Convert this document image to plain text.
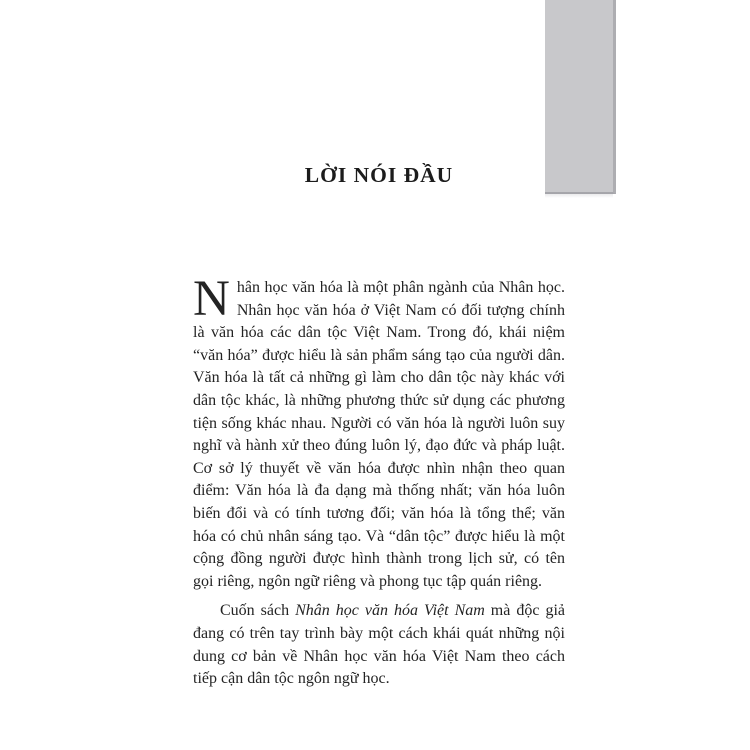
LỜI NÓI ĐẦU

Nhân học văn hóa là một phân ngành của Nhân học. Nhân học văn hóa ở Việt Nam có đối tượng chính là văn hóa các dân tộc Việt Nam. Trong đó, khái niệm “văn hóa” được hiểu là sản phẩm sáng tạo của người dân. Văn hóa là tất cả những gì làm cho dân tộc này khác với dân tộc khác, là những phương thức sử dụng các phương tiện sống khác nhau. Người có văn hóa là người luôn suy nghĩ và hành xử theo đúng luôn lý, đạo đức và pháp luật. Cơ sở lý thuyết về văn hóa được nhìn nhận theo quan điểm: Văn hóa là đa dạng mà thống nhất; văn hóa luôn biến đổi và có tính tương đối; văn hóa là tổng thể; văn hóa có chủ nhân sáng tạo. Và “dân tộc” được hiểu là một cộng đồng người được hình thành trong lịch sử, có tên gọi riêng, ngôn ngữ riêng và phong tục tập quán riêng.

Cuốn sách Nhân học văn hóa Việt Nam mà độc giả đang có trên tay trình bày một cách khái quát những nội dung cơ bản về Nhân học văn hóa Việt Nam theo cách tiếp cận dân tộc ngôn ngữ học.
